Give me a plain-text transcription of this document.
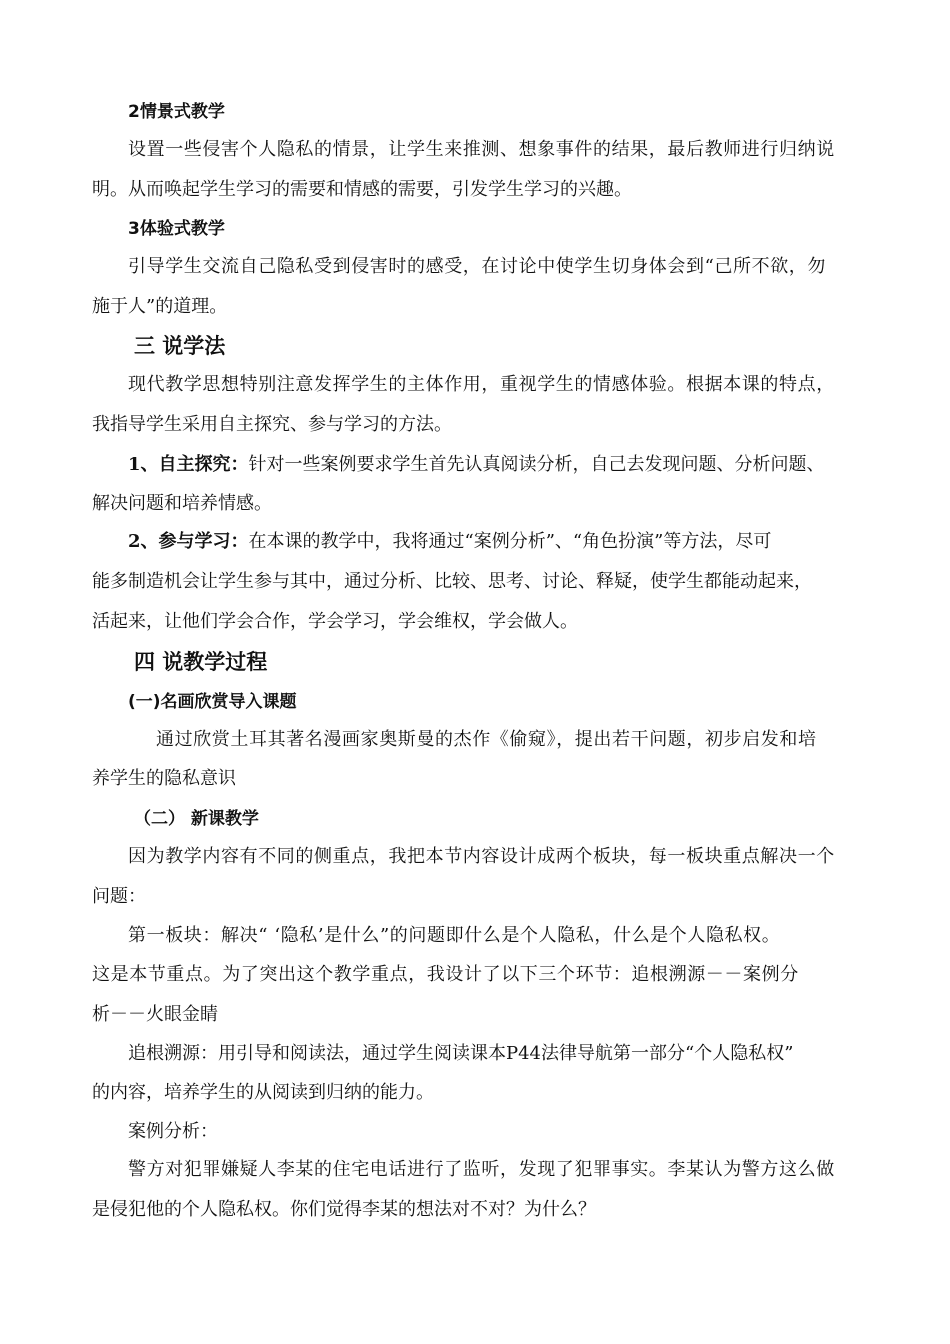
2情景式教学
设置一些侵害个人隐私的情景，让学生来推测、想象事件的结果，最后教师进行归纳说
明。从而唤起学生学习的需要和情感的需要，引发学生学习的兴趣。
3体验式教学
引导学生交流自己隐私受到侵害时的感受，在讨论中使学生切身体会到“己所不欲，勿
施于人”的道理。
三 说学法
现代教学思想特别注意发挥学生的主体作用，重视学生的情感体验。根据本课的特点，
我指导学生采用自主探究、参与学习的方法。
1、自主探究：针对一些案例要求学生首先认真阅读分析，自己去发现问题、分析问题、
解决问题和培养情感。
2、参与学习：在本课的教学中，我将通过“案例分析”、“角色扮演”等方法，尽可
能多制造机会让学生参与其中，通过分析、比较、思考、讨论、释疑，使学生都能动起来，
活起来，让他们学会合作，学会学习，学会维权，学会做人。
四 说教学过程
(一)名画欣赏导入课题
通过欣赏土耳其著名漫画家奥斯曼的杰作《偷窥》，提出若干问题，初步启发和培
养学生的隐私意识
（二） 新课教学
因为教学内容有不同的侧重点，我把本节内容设计成两个板块，每一板块重点解决一个
问题：
第一板块：解决“ ‘隐私’是什么”的问题即什么是个人隐私，什么是个人隐私权。
这是本节重点。为了突出这个教学重点，我设计了以下三个环节：追根溯源－－案例分
析－－火眼金睛
追根溯源：用引导和阅读法，通过学生阅读课本P44法律导航第一部分“个人隐私权”
的内容，培养学生的从阅读到归纳的能力。
案例分析：
警方对犯罪嫌疑人李某的住宅电话进行了监听，发现了犯罪事实。李某认为警方这么做
是侵犯他的个人隐私权。你们觉得李某的想法对不对？为什么？
